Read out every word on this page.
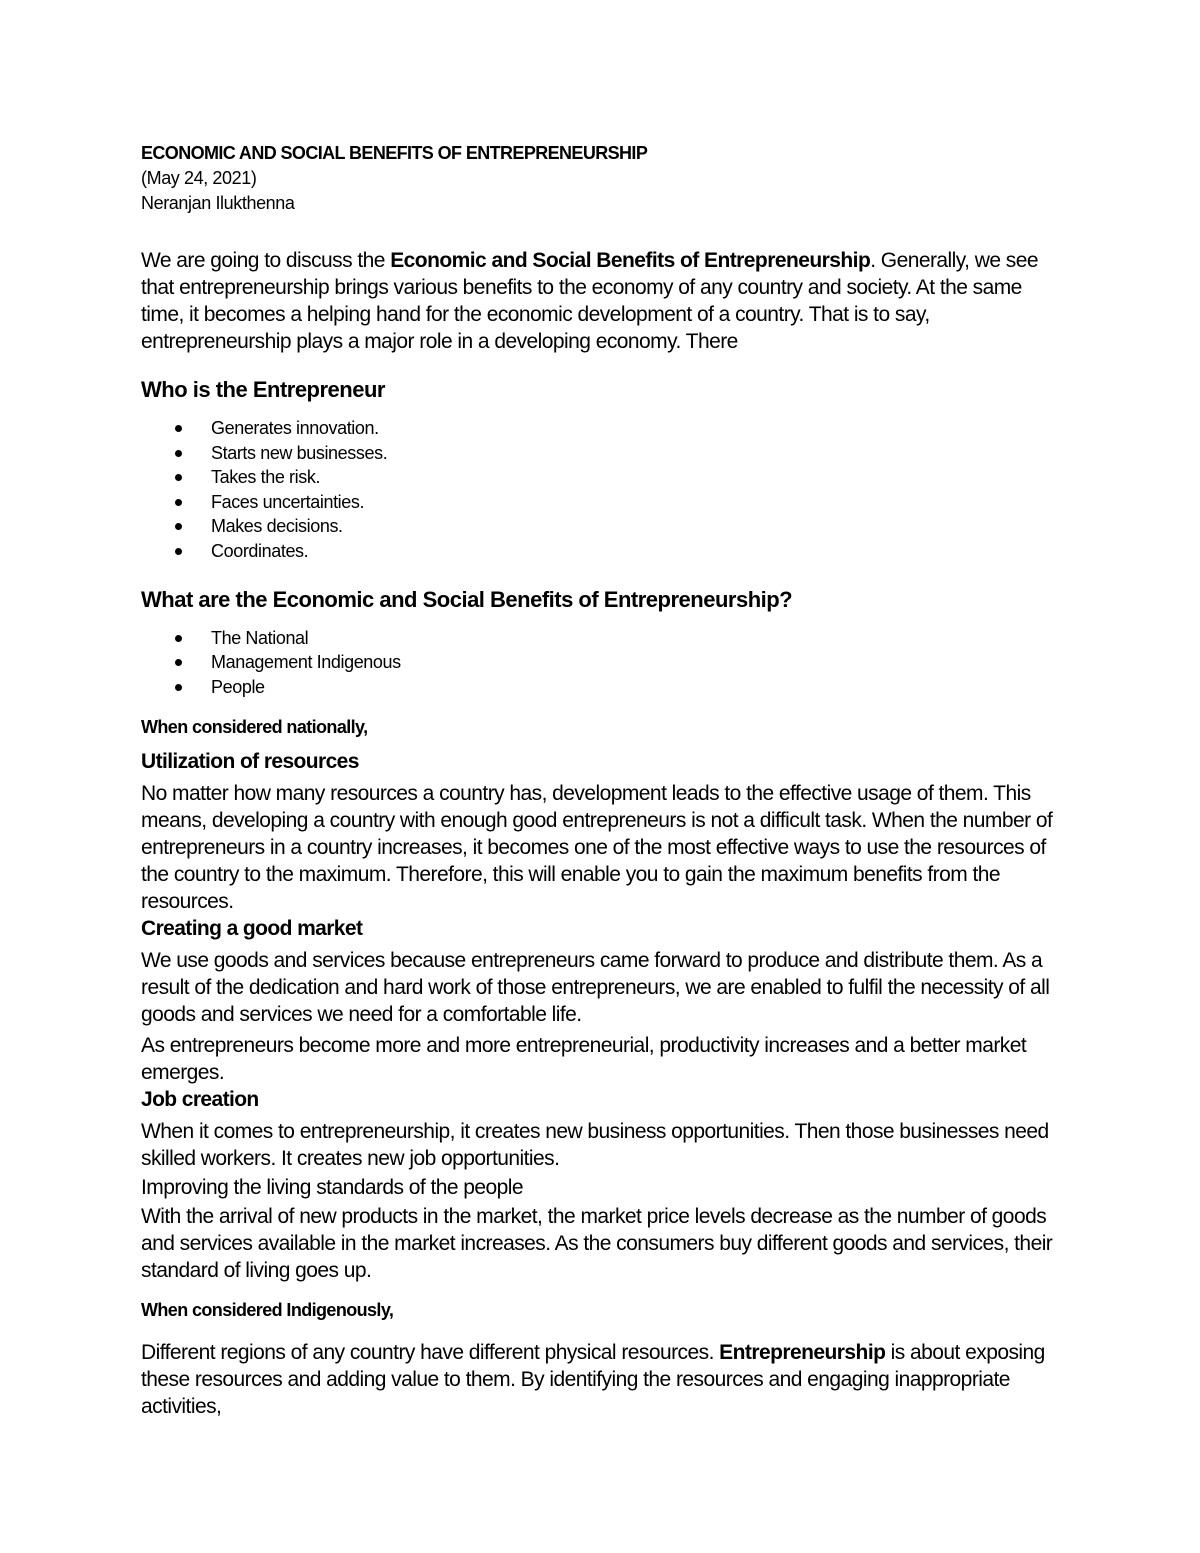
ECONOMIC AND SOCIAL BENEFITS OF ENTREPRENEURSHIP

(May 24, 2021)

Neranjan Ilukthenna

We are going to discuss the Economic and Social Benefits of Entrepreneurship. Generally, we see that entrepreneurship brings various benefits to the economy of any country and society. At the same time, it becomes a helping hand for the economic development of a country. That is to say, entrepreneurship plays a major role in a developing economy. There

Who is the Entrepreneur
Generates innovation.
Starts new businesses.
Takes the risk.
Faces uncertainties.
Makes decisions.
Coordinates.
What are the Economic and Social Benefits of Entrepreneurship?
The National
Management Indigenous
People

When considered nationally,

Utilization of resources

No matter how many resources a country has, development leads to the effective usage of them. This means, developing a country with enough good entrepreneurs is not a difficult task. When the number of entrepreneurs in a country increases, it becomes one of the most effective ways to use the resources of the country to the maximum. Therefore, this will enable you to gain the maximum benefits from the resources.

Creating a good market

We use goods and services because entrepreneurs came forward to produce and distribute them. As a result of the dedication and hard work of those entrepreneurs, we are enabled to fulfil the necessity of all goods and services we need for a comfortable life.

As entrepreneurs become more and more entrepreneurial, productivity increases and a better market emerges.

Job creation

When it comes to entrepreneurship, it creates new business opportunities. Then those businesses need skilled workers. It creates new job opportunities.

Improving the living standards of the people

With the arrival of new products in the market, the market price levels decrease as the number of goods and services available in the market increases. As the consumers buy different goods and services, their standard of living goes up.

When considered Indigenously,

Different regions of any country have different physical resources. Entrepreneurship is about exposing these resources and adding value to them. By identifying the resources and engaging inappropriate activities,
